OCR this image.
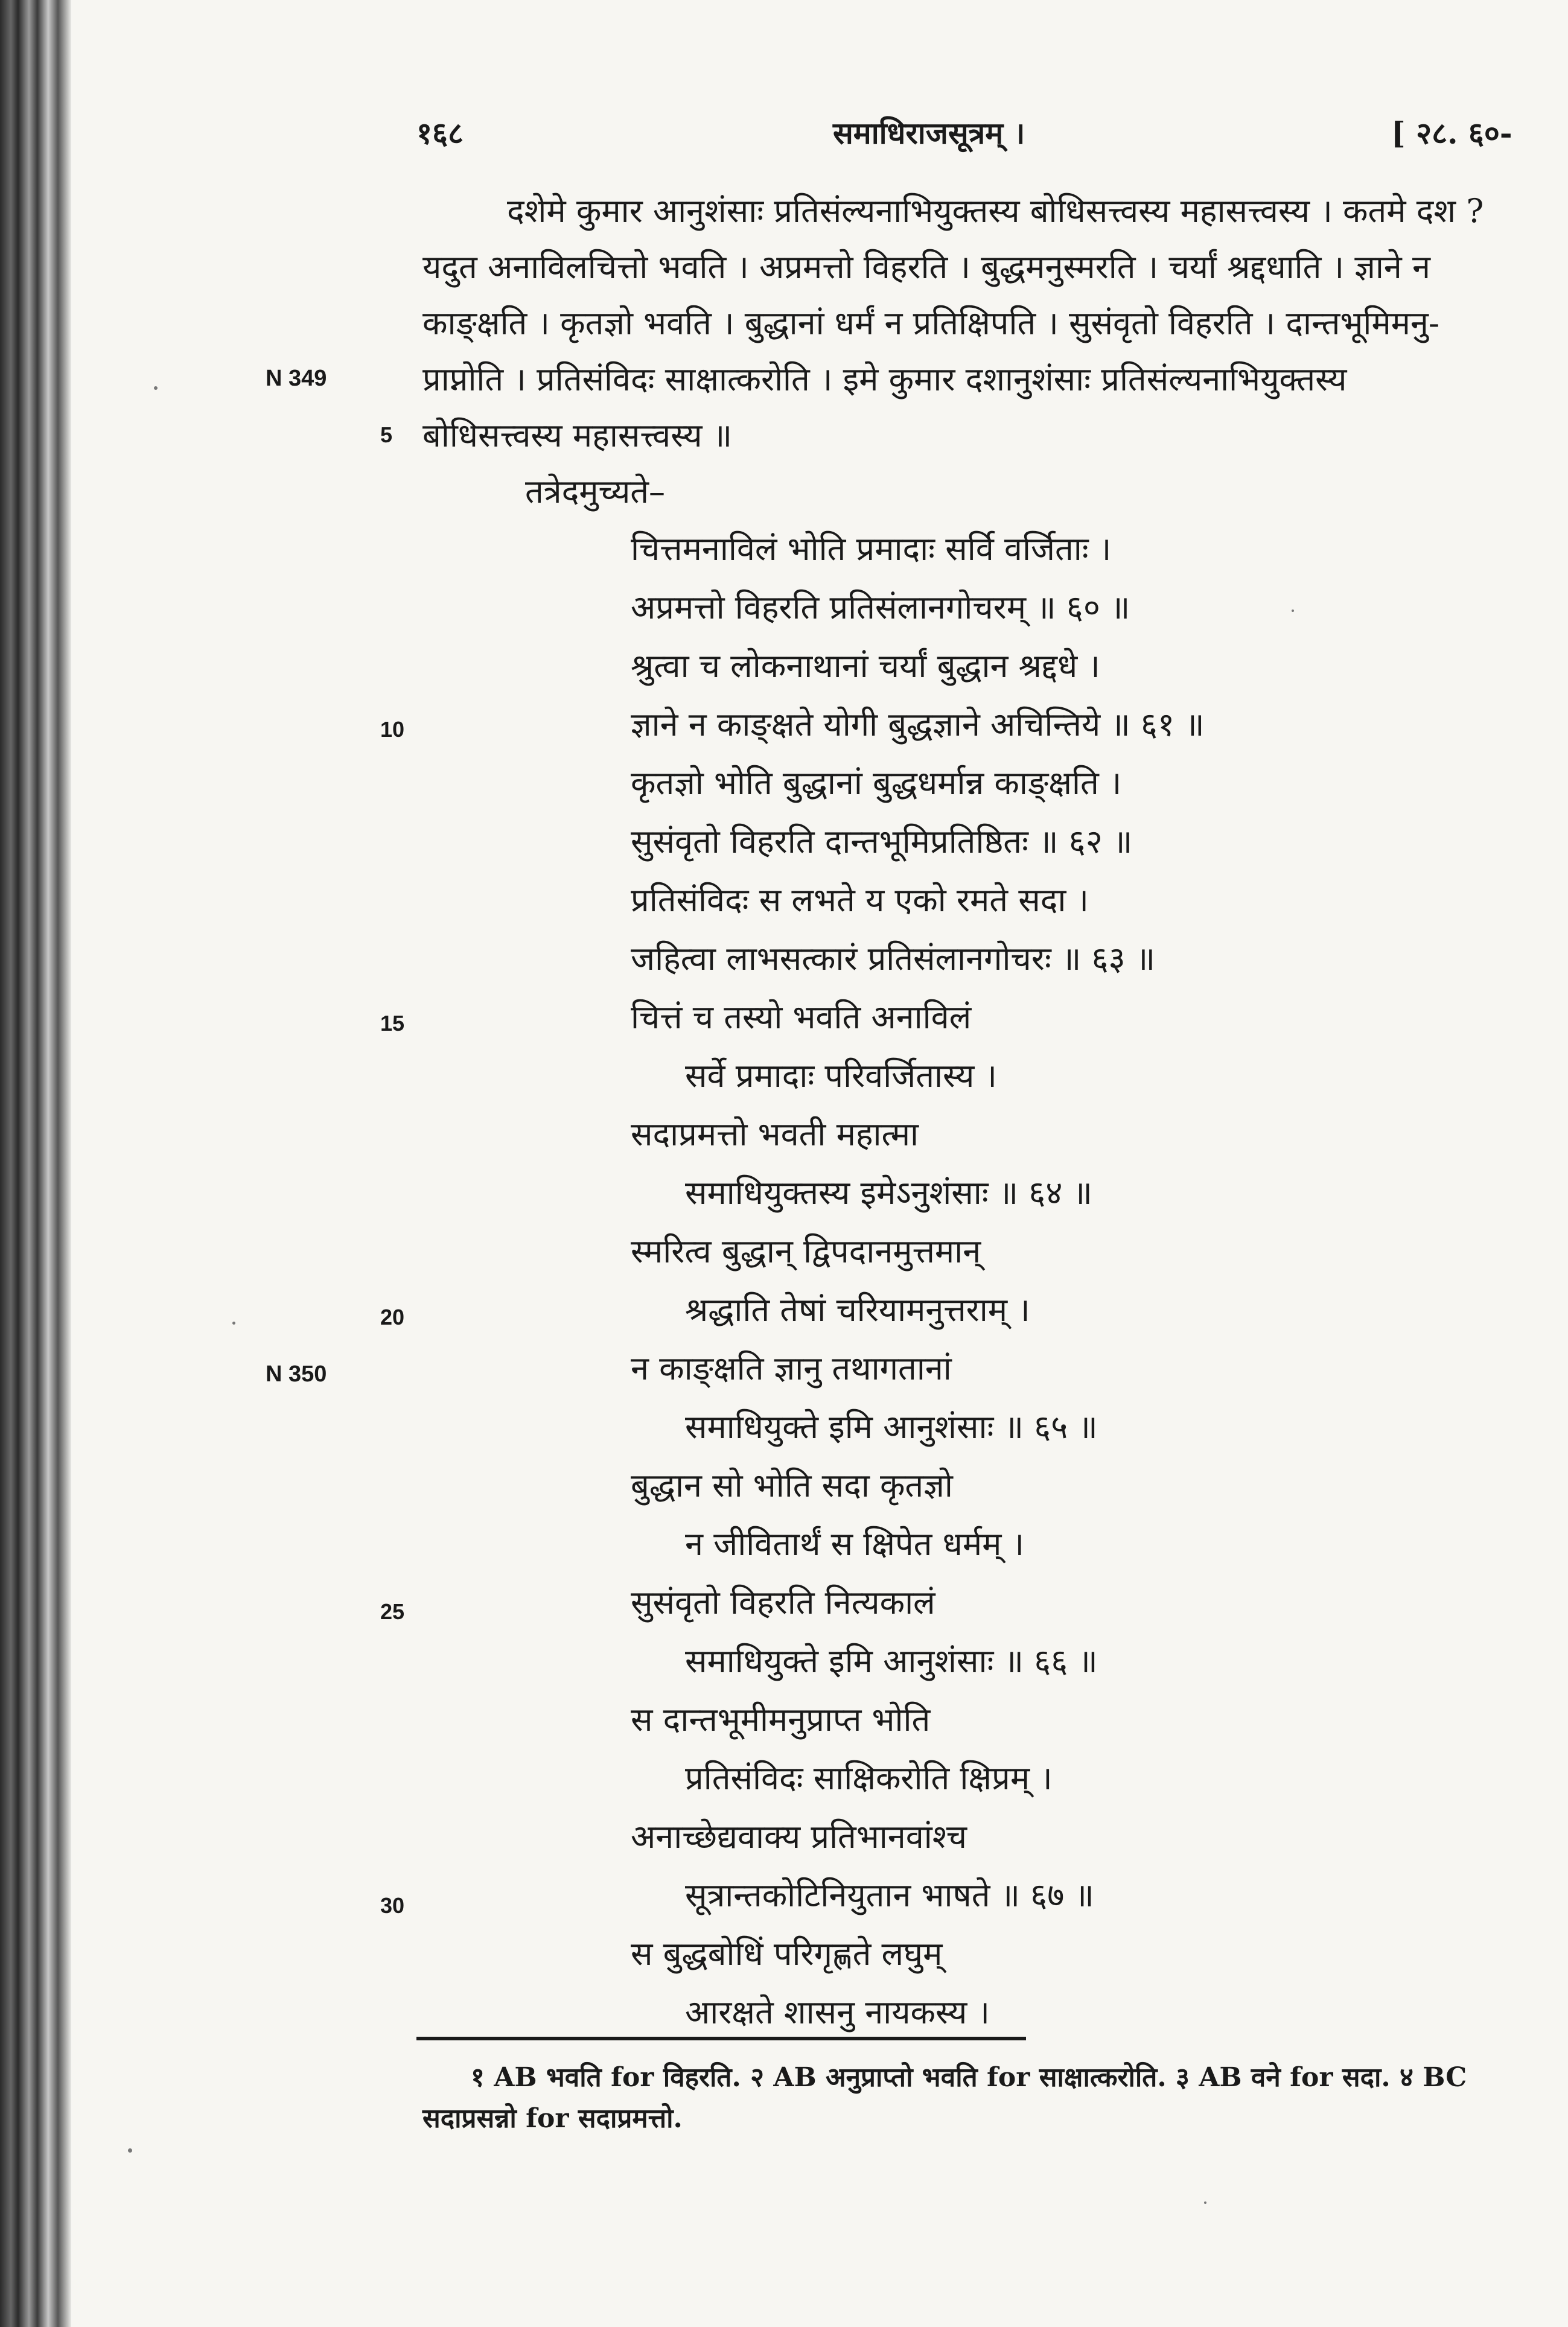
१६८	समाधिराजसूत्रम् ।	[ २८. ६०-
दशेमे कुमार आनुशंसाः प्रतिसंल्यनाभियुक्तस्य बोधिसत्त्वस्य महासत्त्वस्य । कतमे दश ?
यदुत अनाविलचित्तो भवति । अप्रमत्तो विहरति । बुद्धमनुस्मरति । चर्यां श्रद्दधाति । ज्ञाने न
काङ्क्षति । कृतज्ञो भवति । बुद्धानां धर्मं न प्रतिक्षिपति । सुसंवृतो विहरति । दान्तभूमिमनु-
प्राप्नोति । प्रतिसंविदः साक्षात्करोति । इमे कुमार दशानुशंसाः प्रतिसंल्यनाभियुक्तस्य
बोधिसत्त्वस्य महासत्त्वस्य ॥
तत्रेदमुच्यते–
N 349
N 350
5
10
15
20
25
30
चित्तमनाविलं भोति प्रमादाः सर्वि वर्जिताः ।
अप्रमत्तो विहरति प्रतिसंलानगोचरम् ॥ ६० ॥
श्रुत्वा च लोकनाथानां चर्यां बुद्धान श्रद्दधे ।
ज्ञाने न काङ्क्षते योगी बुद्धज्ञाने अचिन्तिये ॥ ६१ ॥
कृतज्ञो भोति बुद्धानां बुद्धधर्मान्न काङ्क्षति ।
सुसंवृतो विहरति दान्तभूमिप्रतिष्ठितः ॥ ६२ ॥
प्रतिसंविदः स लभते य एको रमते सदा ।
जहित्वा लाभसत्कारं प्रतिसंलानगोचरः ॥ ६३ ॥
चित्तं च तस्यो भवति अनाविलं
सर्वे प्रमादाः परिवर्जितास्य ।
सदाप्रमत्तो भवती महात्मा
समाधियुक्तस्य इमेऽनुशंसाः ॥ ६४ ॥
स्मरित्व बुद्धान् द्विपदानमुत्तमान्
श्रद्धाति तेषां चरियामनुत्तराम् ।
न काङ्क्षति ज्ञानु तथागतानां
समाधियुक्ते इमि आनुशंसाः ॥ ६५ ॥
बुद्धान सो भोति सदा कृतज्ञो
न जीवितार्थं स क्षिपेत धर्मम् ।
सुसंवृतो विहरति नित्यकालं
समाधियुक्ते इमि आनुशंसाः ॥ ६६ ॥
स दान्तभूमीमनुप्राप्त भोति
प्रतिसंविदः साक्षिकरोति क्षिप्रम् ।
अनाच्छेद्यवाक्य प्रतिभानवांश्च
सूत्रान्तकोटिनियुतान भाषते ॥ ६७ ॥
स बुद्धबोधिं परिगृह्णते लघुम्
आरक्षते शासनु नायकस्य ।
१ AB भवति for विहरति. २ AB अनुप्राप्तो भवति for साक्षात्करोति. ३ AB वने for सदा. ४ BC
सदाप्रसन्नो for सदाप्रमत्तो.
